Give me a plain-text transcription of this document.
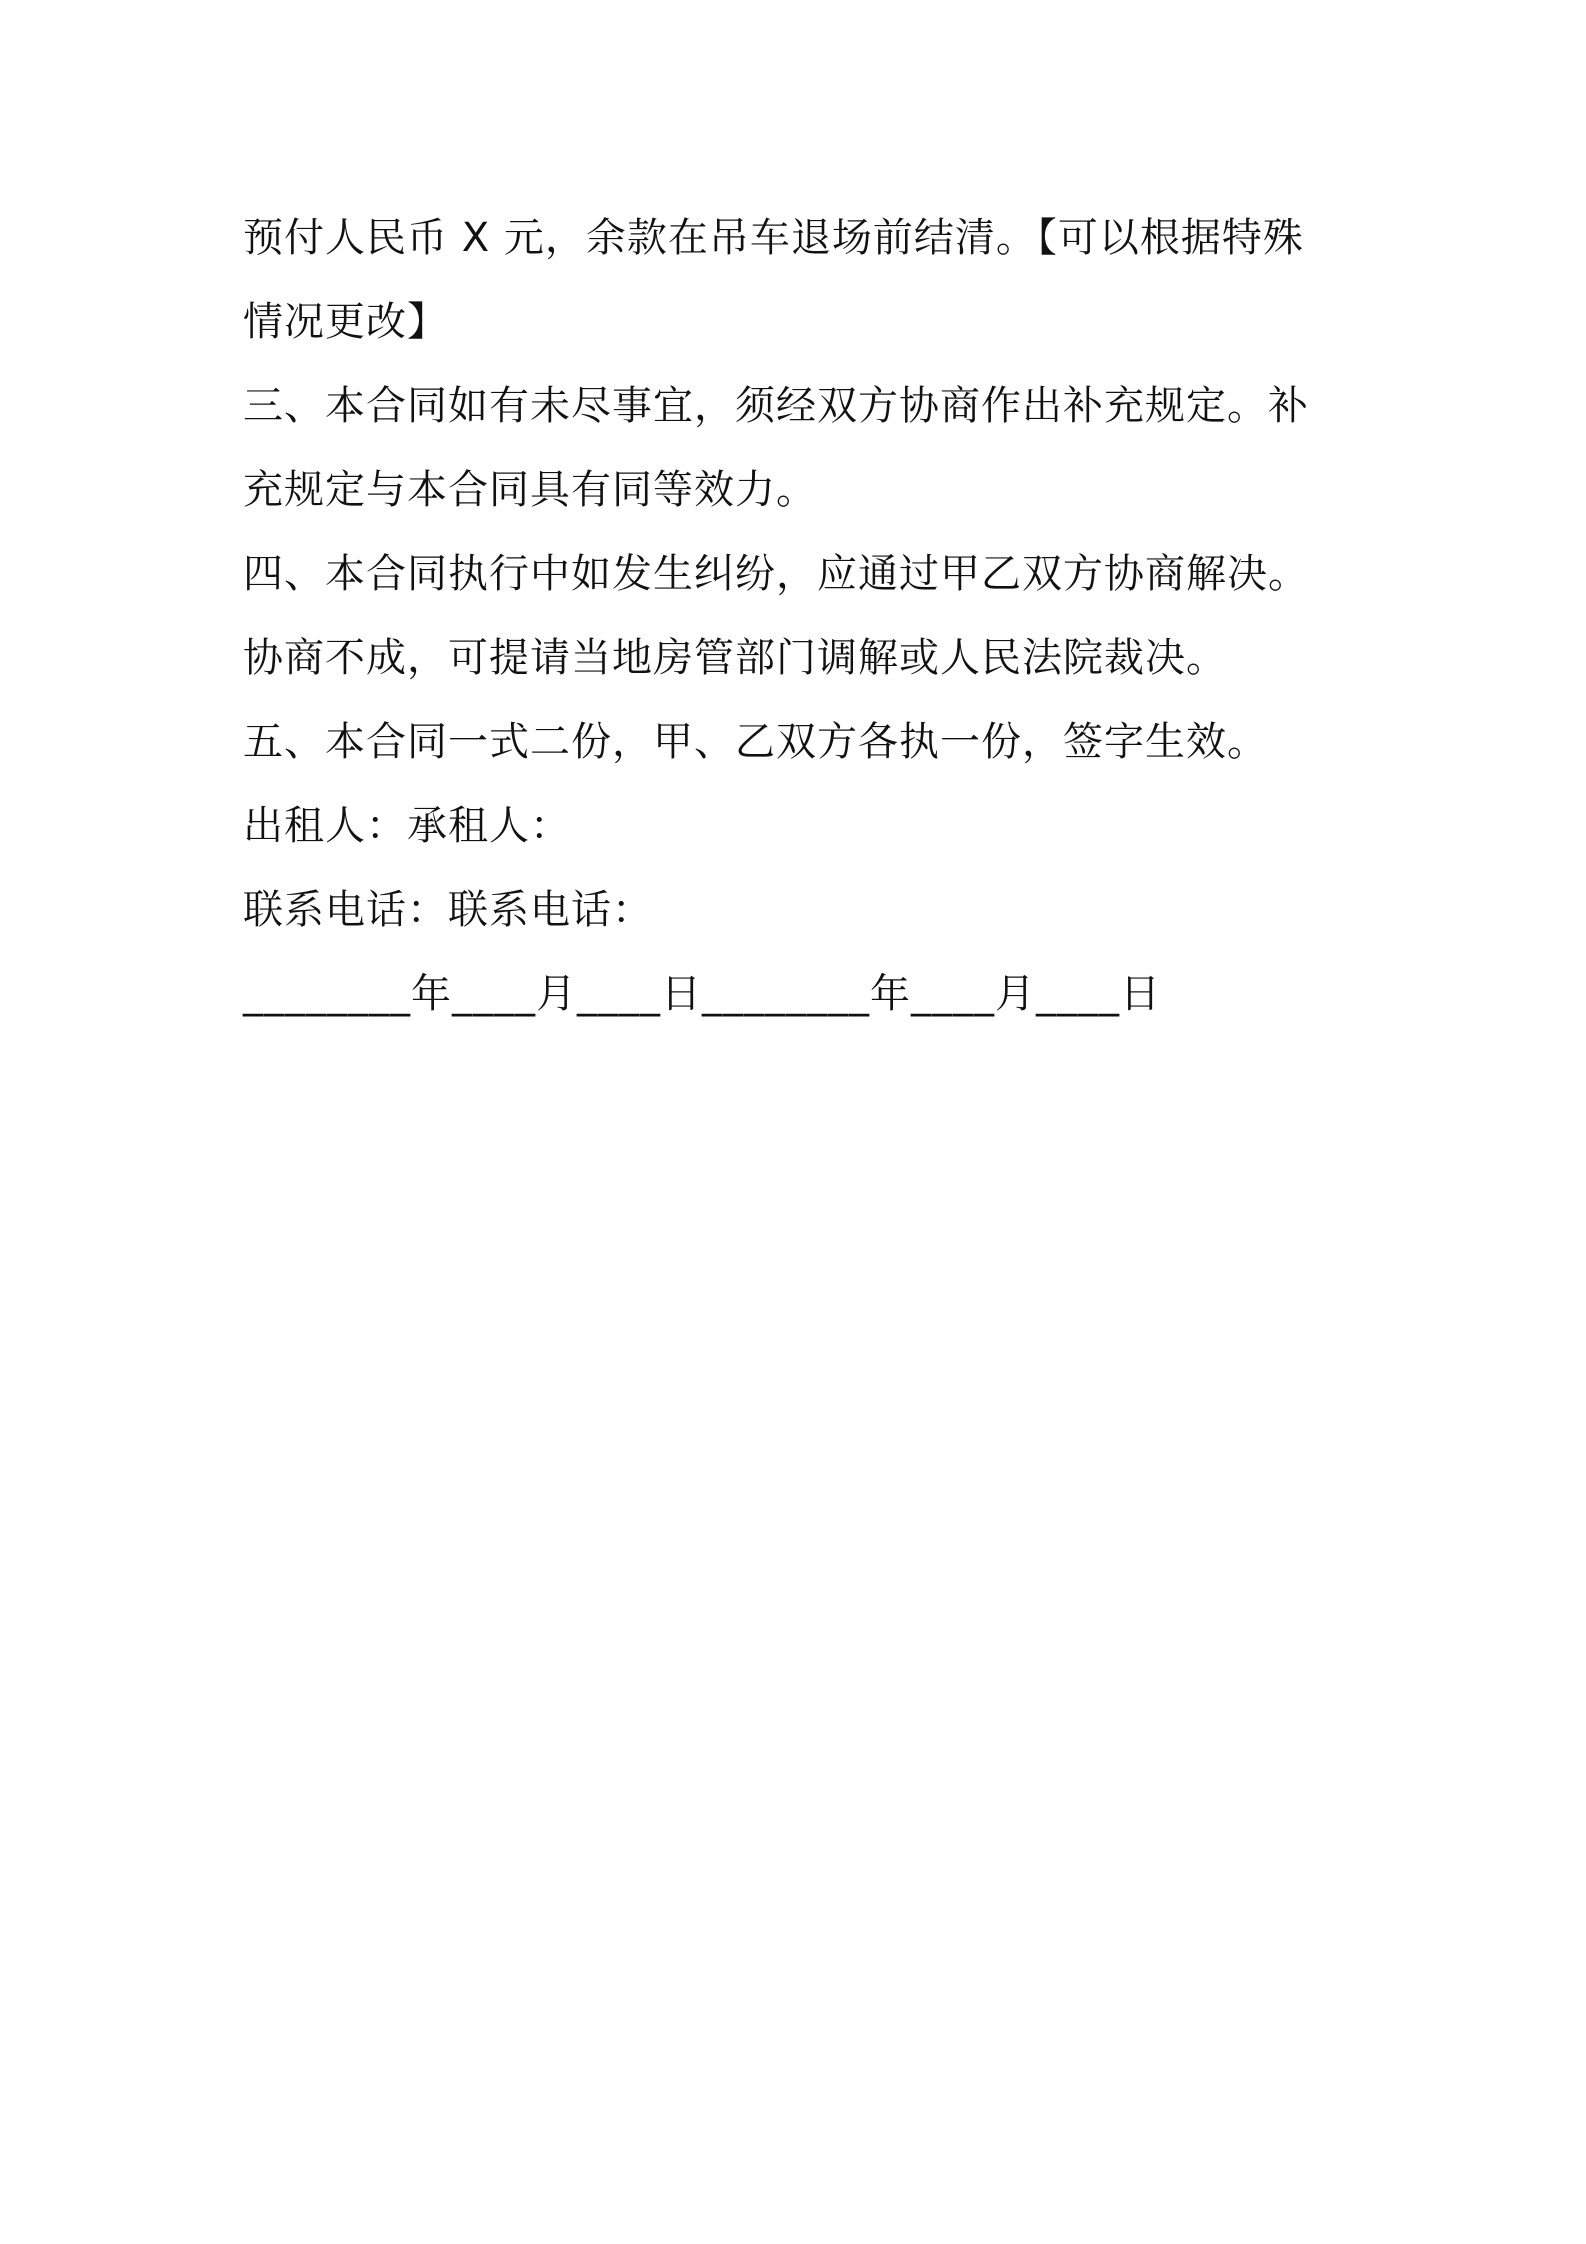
预付人民币 X 元，余款在吊车退场前结清。【可以根据特殊
情况更改】
三、本合同如有未尽事宜，须经双方协商作出补充规定。补
充规定与本合同具有同等效力。
四、本合同执行中如发生纠纷，应通过甲乙双方协商解决。
协商不成，可提请当地房管部门调解或人民法院裁决。
五、本合同一式二份，甲、乙双方各执一份，签字生效。
出租人：承租人：
联系电话：联系电话：
________年____月____日________年____月____日
